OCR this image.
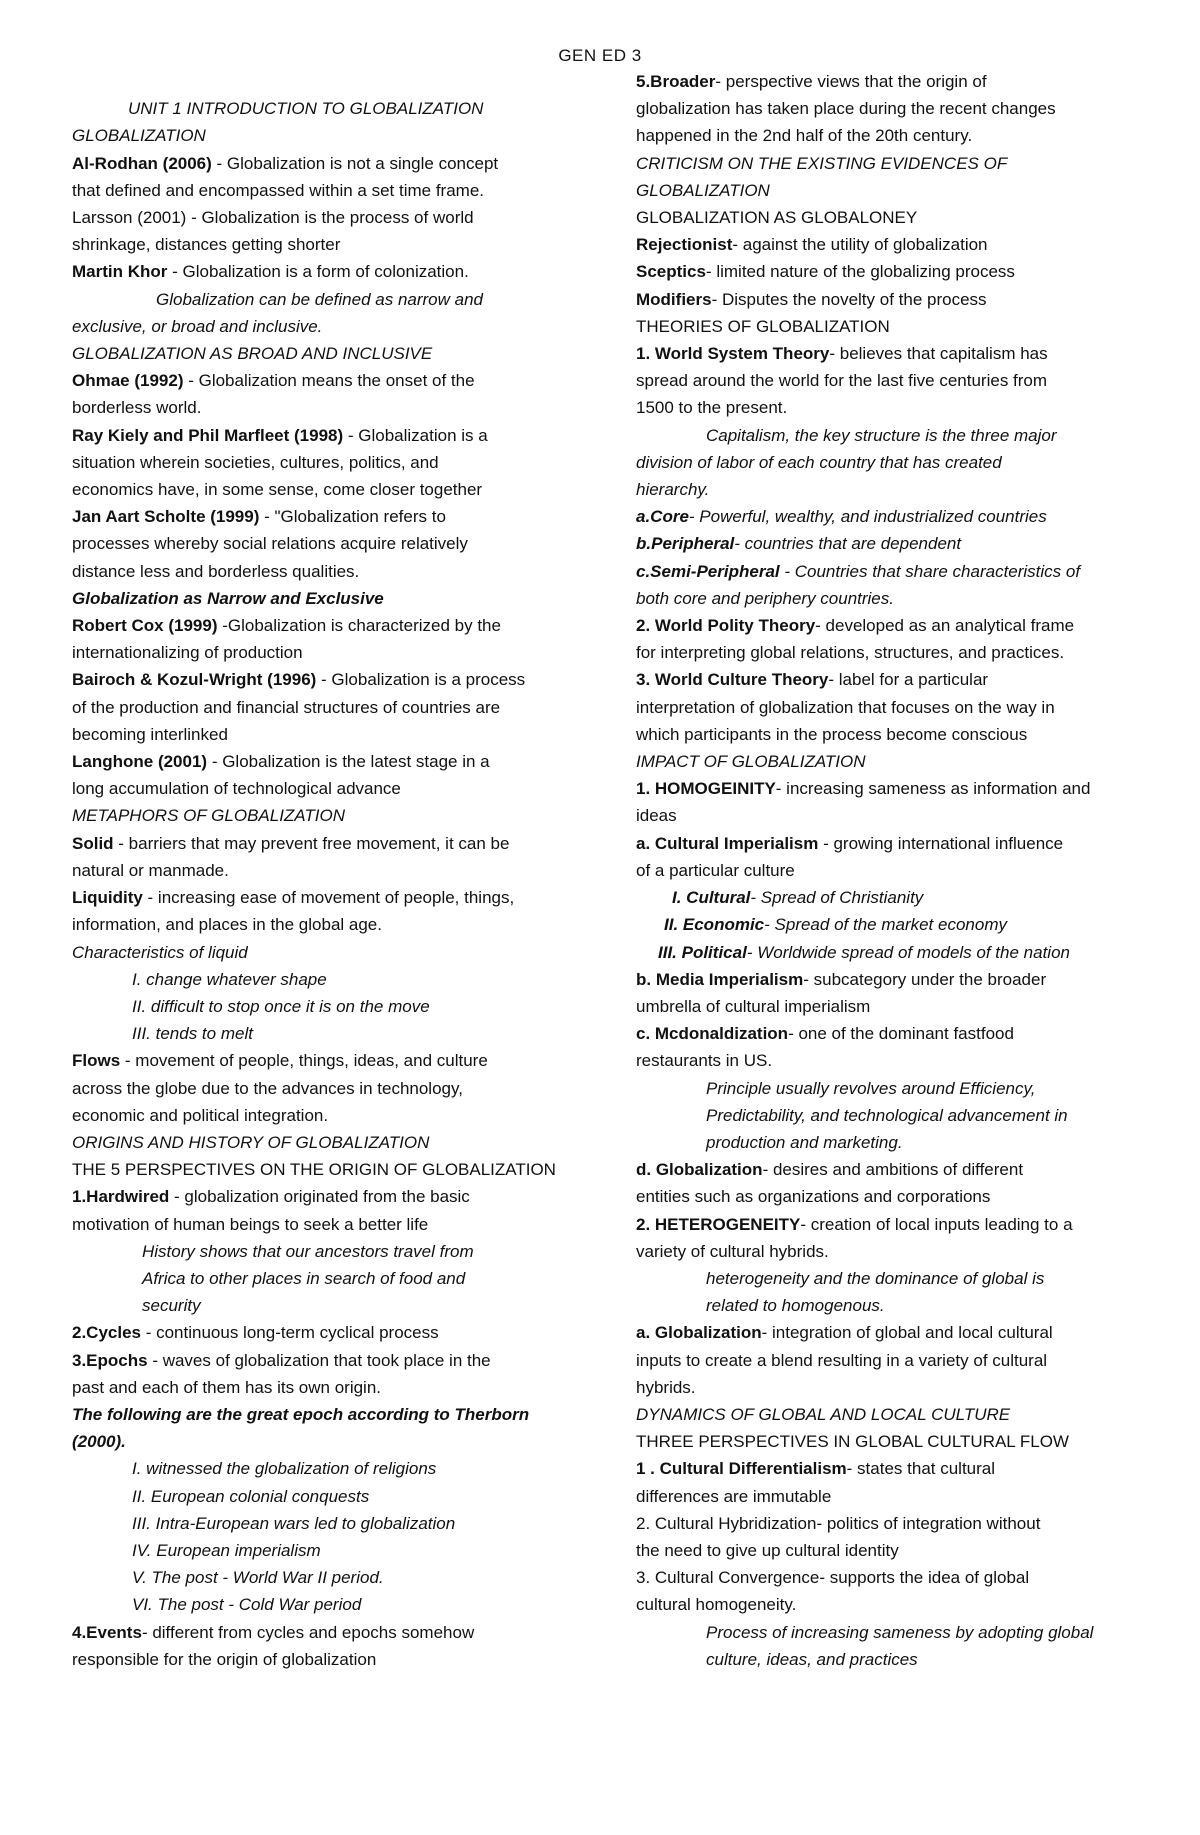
GEN ED 3

UNIT 1 INTRODUCTION TO GLOBALIZATION
GLOBALIZATION
Al-Rodhan (2006) - Globalization is not a single concept
that defined and encompassed within a set time frame.
Larsson (2001) - Globalization is the process of world
shrinkage, distances getting shorter
Martin Khor - Globalization is a form of colonization.
Globalization can be defined as narrow and
exclusive, or broad and inclusive.
GLOBALIZATION AS BROAD AND INCLUSIVE
Ohmae (1992) - Globalization means the onset of the
borderless world.
Ray Kiely and Phil Marfleet (1998) - Globalization is a
situation wherein societies, cultures, politics, and
economics have, in some sense, come closer together
Jan Aart Scholte (1999) - "Globalization refers to
processes whereby social relations acquire relatively
distance less and borderless qualities.
Globalization as Narrow and Exclusive
Robert Cox (1999) -Globalization is characterized by the
internationalizing of production
Bairoch & Kozul-Wright (1996) - Globalization is a process
of the production and financial structures of countries are
becoming interlinked
Langhone (2001) - Globalization is the latest stage in a
long accumulation of technological advance
METAPHORS OF GLOBALIZATION
Solid - barriers that may prevent free movement, it can be
natural or manmade.
Liquidity - increasing ease of movement of people, things,
information, and places in the global age.
Characteristics of liquid
I. change whatever shape
II. difficult to stop once it is on the move
III. tends to melt
Flows - movement of people, things, ideas, and culture
across the globe due to the advances in technology,
economic and political integration.
ORIGINS AND HISTORY OF GLOBALIZATION
THE 5 PERSPECTIVES ON THE ORIGIN OF GLOBALIZATION
1.Hardwired - globalization originated from the basic
motivation of human beings to seek a better life
History shows that our ancestors travel from
Africa to other places in search of food and
security
2.Cycles - continuous long-term cyclical process
3.Epochs - waves of globalization that took place in the
past and each of them has its own origin.
The following are the great epoch according to Therborn
(2000).
I. witnessed the globalization of religions
II. European colonial conquests
III. Intra-European wars led to globalization
IV. European imperialism
V. The post - World War II period.
VI. The post - Cold War period
4.Events- different from cycles and epochs somehow
responsible for the origin of globalization
5.Broader- perspective views that the origin of
globalization has taken place during the recent changes
happened in the 2nd half of the 20th century.
CRITICISM ON THE EXISTING EVIDENCES OF
GLOBALIZATION
GLOBALIZATION AS GLOBALONEY
Rejectionist- against the utility of globalization
Sceptics- limited nature of the globalizing process
Modifiers- Disputes the novelty of the process
THEORIES OF GLOBALIZATION
1. World System Theory- believes that capitalism has
spread around the world for the last five centuries from
1500 to the present.
Capitalism, the key structure is the three major
division of labor of each country that has created
hierarchy.
a.Core- Powerful, wealthy, and industrialized countries
b.Peripheral- countries that are dependent
c.Semi-Peripheral - Countries that share characteristics of
both core and periphery countries.
2. World Polity Theory- developed as an analytical frame
for interpreting global relations, structures, and practices.
3. World Culture Theory- label for a particular
interpretation of globalization that focuses on the way in
which participants in the process become conscious
IMPACT OF GLOBALIZATION
1. HOMOGEINITY- increasing sameness as information and
ideas
a. Cultural Imperialism - growing international influence
of a particular culture
I. Cultural- Spread of Christianity
II. Economic- Spread of the market economy
III. Political- Worldwide spread of models of the nation
b. Media Imperialism- subcategory under the broader
umbrella of cultural imperialism
c. Mcdonaldization- one of the dominant fastfood
restaurants in US.
Principle usually revolves around Efficiency,
Predictability, and technological advancement in
production and marketing.
d. Globalization- desires and ambitions of different
entities such as organizations and corporations
2. HETEROGENEITY- creation of local inputs leading to a
variety of cultural hybrids.
heterogeneity and the dominance of global is
related to homogenous.
a. Globalization- integration of global and local cultural
inputs to create a blend resulting in a variety of cultural
hybrids.
DYNAMICS OF GLOBAL AND LOCAL CULTURE
THREE PERSPECTIVES IN GLOBAL CULTURAL FLOW
1 . Cultural Differentialism- states that cultural
differences are immutable
2. Cultural Hybridization- politics of integration without
the need to give up cultural identity
3. Cultural Convergence- supports the idea of global
cultural homogeneity.
Process of increasing sameness by adopting global
culture, ideas, and practices
